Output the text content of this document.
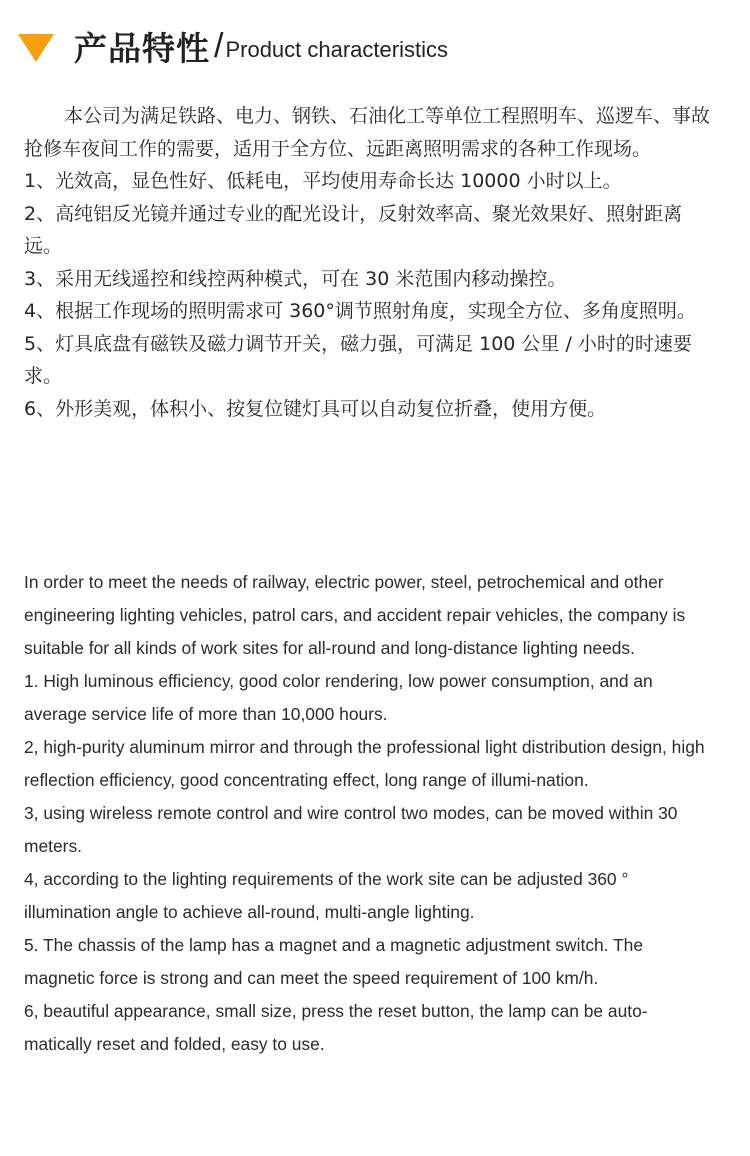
产品特性 / Product characteristics

本公司为满足铁路、电力、钢铁、石油化工等单位工程照明车、巡逻车、事故抢修车夜间工作的需要，适用于全方位、远距离照明需求的各种工作现场。

1、光效高，显色性好、低耗电，平均使用寿命长达 10000 小时以上。

2、高纯铝反光镜并通过专业的配光设计，反射效率高、聚光效果好、照射距离远。

3、采用无线遥控和线控两种模式，可在 30 米范围内移动操控。

4、根据工作现场的照明需求可 360°调节照射角度，实现全方位、多角度照明。

5、灯具底盘有磁铁及磁力调节开关，磁力强，可满足 100 公里 / 小时的时速要求。

6、外形美观，体积小、按复位键灯具可以自动复位折叠，使用方便。

In order to meet the needs of railway, electric power, steel, petrochemical and other engineering lighting vehicles, patrol cars, and accident repair vehicles, the company is suitable for all kinds of work sites for all-round and long-distance lighting needs.

1. High luminous efficiency, good color rendering, low power consumption, and an average service life of more than 10,000 hours.

2, high-purity aluminum mirror and through the professional light distribution design, high reflection efficiency, good concentrating effect, long range of illumi-nation.

3, using wireless remote control and wire control two modes, can be moved within 30 meters.

4, according to the lighting requirements of the work site can be adjusted 360 ° illumination angle to achieve all-round, multi-angle lighting.

5. The chassis of the lamp has a magnet and a magnetic adjustment switch. The magnetic force is strong and can meet the speed requirement of 100 km/h.

6, beautiful appearance, small size, press the reset button, the lamp can be auto-matically reset and folded, easy to use.
